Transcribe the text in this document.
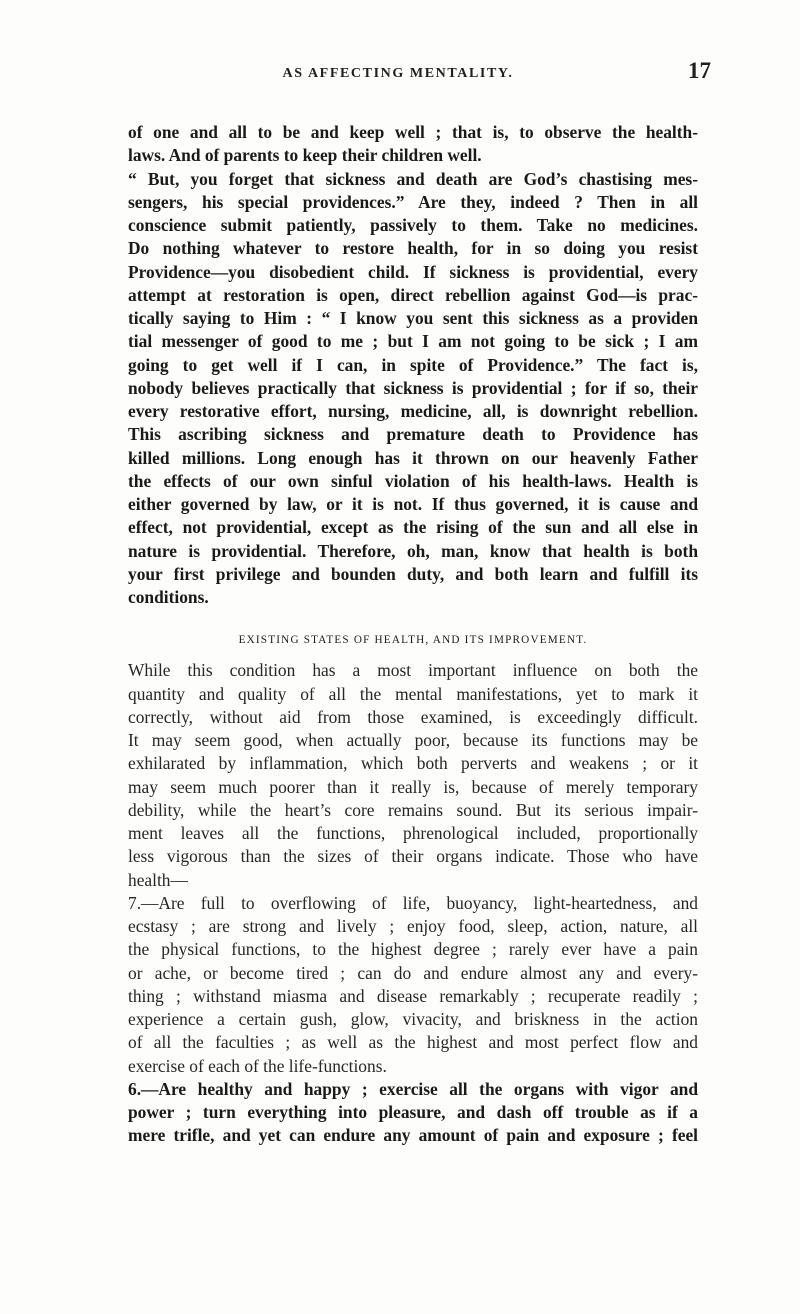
AS AFFECTING MENTALITY.	17
of one and all to be and keep well ; that is, to observe the health-
laws. And of parents to keep their children well.
“ But, you forget that sickness and death are God’s chastising mes-
sengers, his special providences.” Are they, indeed ? Then in all
conscience submit patiently, passively to them. Take no medicines.
Do nothing whatever to restore health, for in so doing you resist
Providence—you disobedient child. If sickness is providential, every
attempt at restoration is open, direct rebellion against God—is prac-
tically saying to Him : “ I know you sent this sickness as a providen
tial messenger of good to me ; but I am not going to be sick ; I am
going to get well if I can, in spite of Providence.” The fact is,
nobody believes practically that sickness is providential ; for if so, their
every restorative effort, nursing, medicine, all, is downright rebellion.
This ascribing sickness and premature death to Providence has
killed millions. Long enough has it thrown on our heavenly Father
the effects of our own sinful violation of his health-laws. Health is
either governed by law, or it is not. If thus governed, it is cause and
effect, not providential, except as the rising of the sun and all else in
nature is providential. Therefore, oh, man, know that health is both
your first privilege and bounden duty, and both learn and fulfill its
conditions.
EXISTING STATES OF HEALTH, AND ITS IMPROVEMENT.
While this condition has a most important influence on both the
quantity and quality of all the mental manifestations, yet to mark it
correctly, without aid from those examined, is exceedingly difficult.
It may seem good, when actually poor, because its functions may be
exhilarated by inflammation, which both perverts and weakens ; or it
may seem much poorer than it really is, because of merely temporary
debility, while the heart’s core remains sound. But its serious impair-
ment leaves all the functions, phrenological included, proportionally
less vigorous than the sizes of their organs indicate. Those who have
health—
7.—Are full to overflowing of life, buoyancy, light-heartedness, and
ecstasy ; are strong and lively ; enjoy food, sleep, action, nature, all
the physical functions, to the highest degree ; rarely ever have a pain
or ache, or become tired ; can do and endure almost any and every-
thing ; withstand miasma and disease remarkably ; recuperate readily ;
experience a certain gush, glow, vivacity, and briskness in the action
of all the faculties ; as well as the highest and most perfect flow and
exercise of each of the life-functions.
6.—Are healthy and happy ; exercise all the organs with vigor and
power ; turn everything into pleasure, and dash off trouble as if a
mere trifle, and yet can endure any amount of pain and exposure ; feel
